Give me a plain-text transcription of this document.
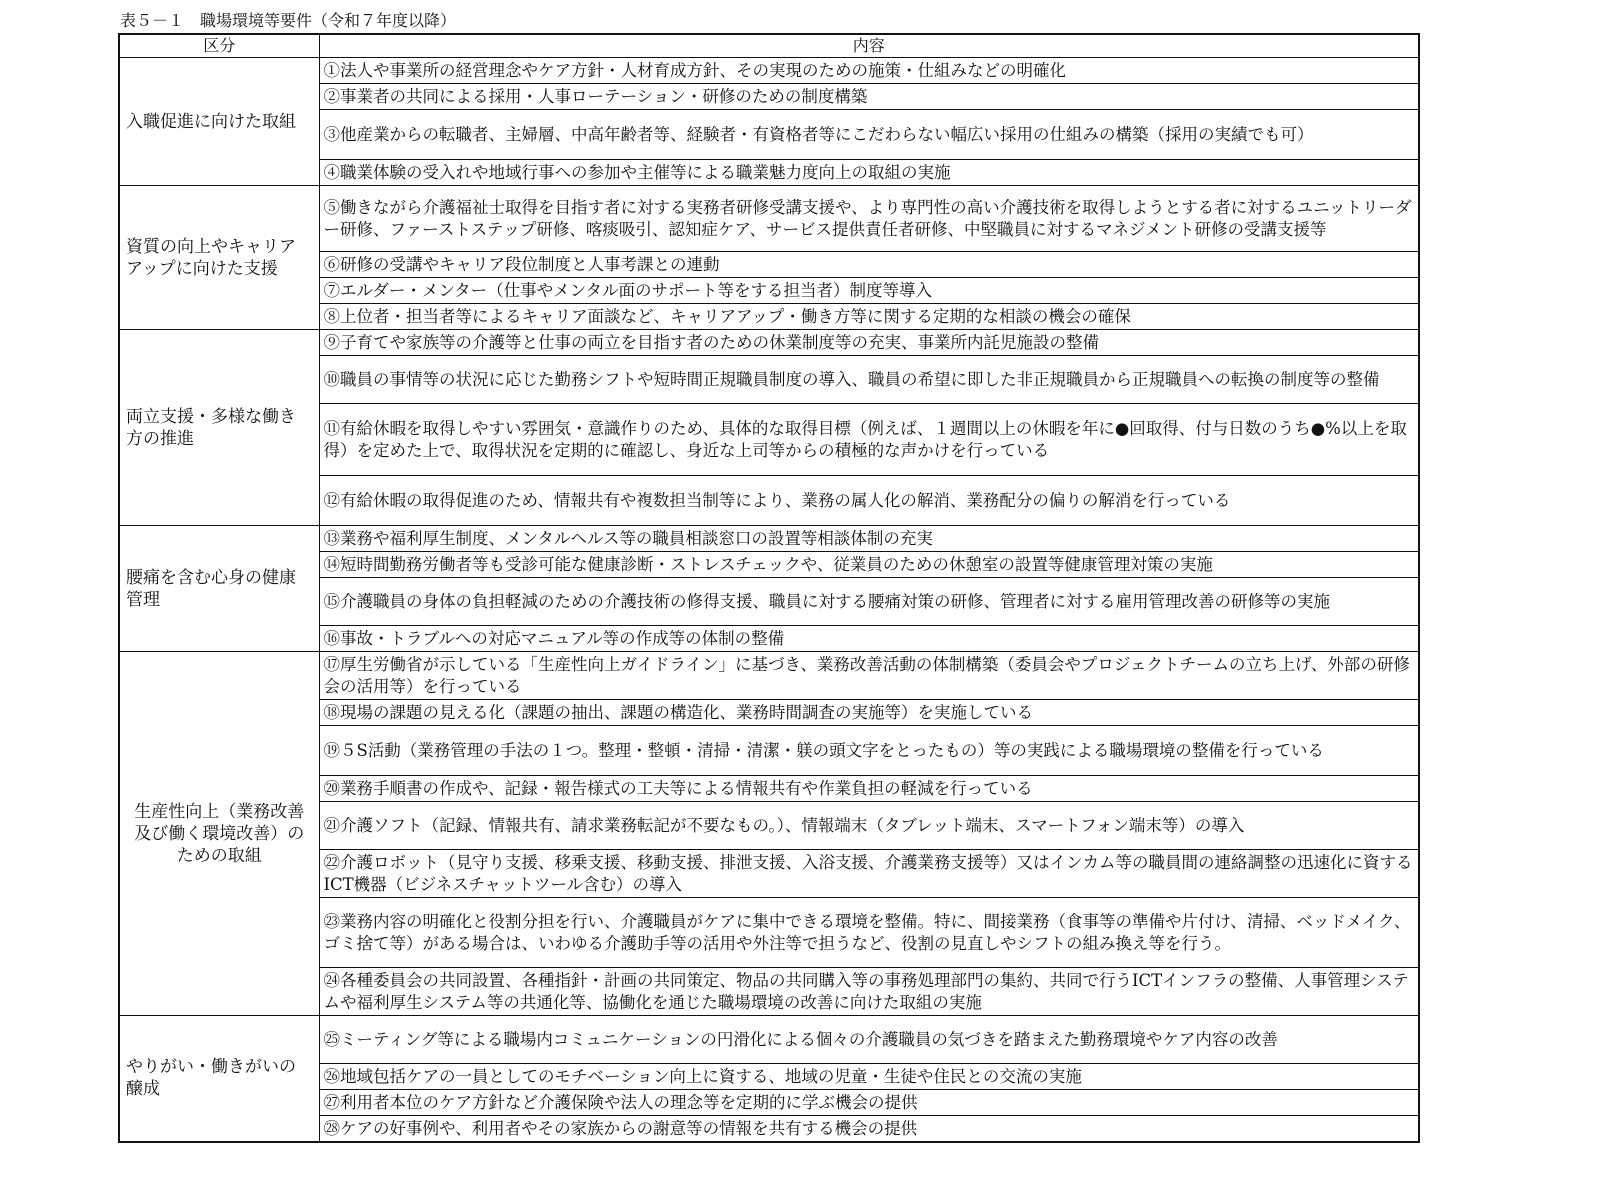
表５－１　職場環境等要件（令和７年度以降）
区分	内容
入職促進に向けた取組	①法人や事業所の経営理念やケア方針・人材育成方針、その実現のための施策・仕組みなどの明確化
	②事業者の共同による採用・人事ローテーション・研修のための制度構築
	③他産業からの転職者、主婦層、中高年齢者等、経験者・有資格者等にこだわらない幅広い採用の仕組みの構築（採用の実績でも可）
	④職業体験の受入れや地域行事への参加や主催等による職業魅力度向上の取組の実施
資質の向上やキャリアアップに向けた支援	⑤働きながら介護福祉士取得を目指す者に対する実務者研修受講支援や、より専門性の高い介護技術を取得しようとする者に対するユニットリーダー研修、ファーストステップ研修、喀痰吸引、認知症ケア、サービス提供責任者研修、中堅職員に対するマネジメント研修の受講支援等
	⑥研修の受講やキャリア段位制度と人事考課との連動
	⑦エルダー・メンター（仕事やメンタル面のサポート等をする担当者）制度等導入
	⑧上位者・担当者等によるキャリア面談など、キャリアアップ・働き方等に関する定期的な相談の機会の確保
両立支援・多様な働き方の推進	⑨子育てや家族等の介護等と仕事の両立を目指す者のための休業制度等の充実、事業所内託児施設の整備
	⑩職員の事情等の状況に応じた勤務シフトや短時間正規職員制度の導入、職員の希望に即した非正規職員から正規職員への転換の制度等の整備
	⑪有給休暇を取得しやすい雰囲気・意識作りのため、具体的な取得目標（例えば、１週間以上の休暇を年に●回取得、付与日数のうち●%以上を取得）を定めた上で、取得状況を定期的に確認し、身近な上司等からの積極的な声かけを行っている
	⑫有給休暇の取得促進のため、情報共有や複数担当制等により、業務の属人化の解消、業務配分の偏りの解消を行っている
腰痛を含む心身の健康管理	⑬業務や福利厚生制度、メンタルヘルス等の職員相談窓口の設置等相談体制の充実
	⑭短時間勤務労働者等も受診可能な健康診断・ストレスチェックや、従業員のための休憩室の設置等健康管理対策の実施
	⑮介護職員の身体の負担軽減のための介護技術の修得支援、職員に対する腰痛対策の研修、管理者に対する雇用管理改善の研修等の実施
	⑯事故・トラブルへの対応マニュアル等の作成等の体制の整備
生産性向上（業務改善及び働く環境改善）のための取組	⑰厚生労働省が示している「生産性向上ガイドライン」に基づき、業務改善活動の体制構築（委員会やプロジェクトチームの立ち上げ、外部の研修会の活用等）を行っている
	⑱現場の課題の見える化（課題の抽出、課題の構造化、業務時間調査の実施等）を実施している
	⑲５S活動（業務管理の手法の１つ。整理・整頓・清掃・清潔・躾の頭文字をとったもの）等の実践による職場環境の整備を行っている
	⑳業務手順書の作成や、記録・報告様式の工夫等による情報共有や作業負担の軽減を行っている
	㉑介護ソフト（記録、情報共有、請求業務転記が不要なもの。）、情報端末（タブレット端末、スマートフォン端末等）の導入
	㉒介護ロボット（見守り支援、移乗支援、移動支援、排泄支援、入浴支援、介護業務支援等）又はインカム等の職員間の連絡調整の迅速化に資するICT機器（ビジネスチャットツール含む）の導入
	㉓業務内容の明確化と役割分担を行い、介護職員がケアに集中できる環境を整備。特に、間接業務（食事等の準備や片付け、清掃、ベッドメイク、ゴミ捨て等）がある場合は、いわゆる介護助手等の活用や外注等で担うなど、役割の見直しやシフトの組み換え等を行う。
	㉔各種委員会の共同設置、各種指針・計画の共同策定、物品の共同購入等の事務処理部門の集約、共同で行うICTインフラの整備、人事管理システムや福利厚生システム等の共通化等、協働化を通じた職場環境の改善に向けた取組の実施
やりがい・働きがいの醸成	㉕ミーティング等による職場内コミュニケーションの円滑化による個々の介護職員の気づきを踏まえた勤務環境やケア内容の改善
	㉖地域包括ケアの一員としてのモチベーション向上に資する、地域の児童・生徒や住民との交流の実施
	㉗利用者本位のケア方針など介護保険や法人の理念等を定期的に学ぶ機会の提供
	㉘ケアの好事例や、利用者やその家族からの謝意等の情報を共有する機会の提供
